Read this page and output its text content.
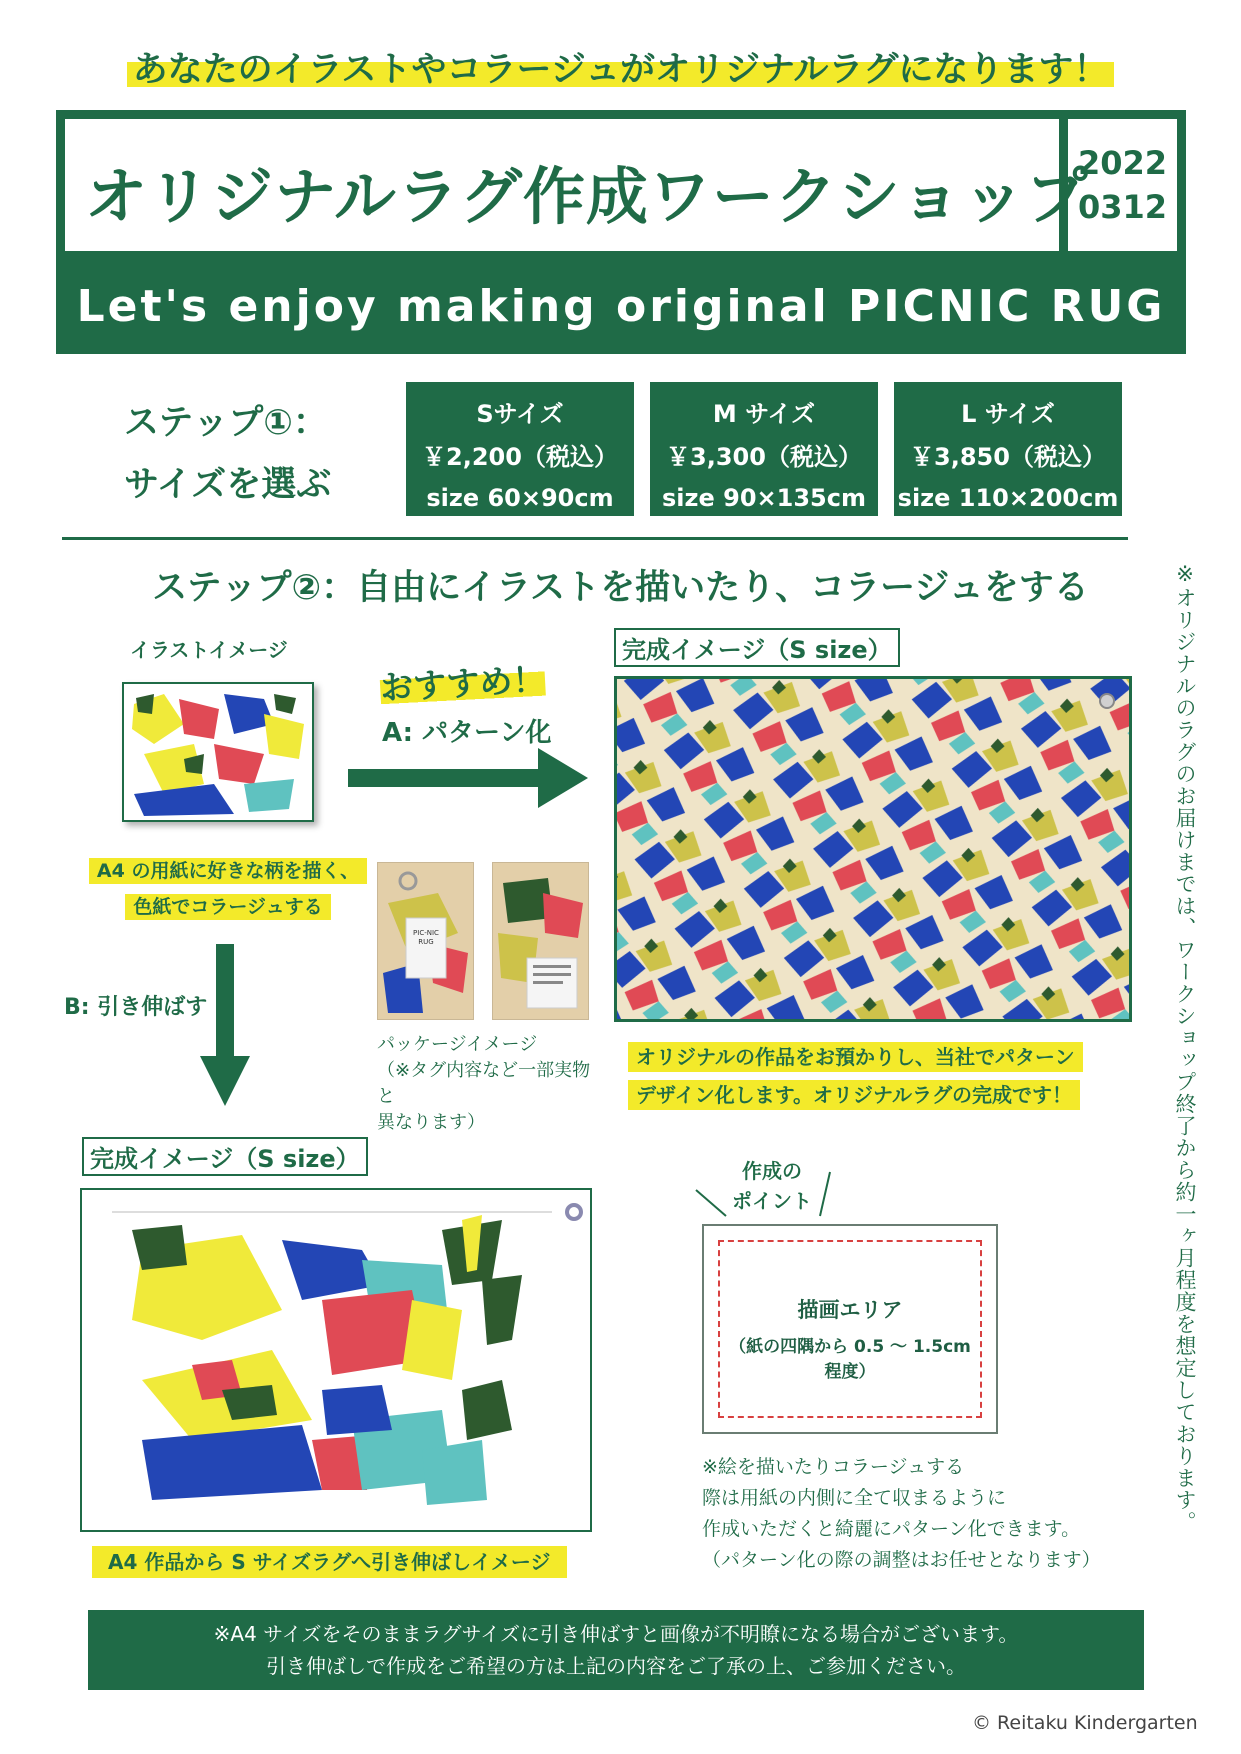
あなたのイラストやコラージュがオリジナルラグになります！
オリジナルラグ作成ワークショップ
2022
0312
Let's enjoy making original PICNIC RUG
ステップ①：
サイズを選ぶ
Sサイズ
￥2,200（税込）
size 60×90cm
M サイズ
￥3,300（税込）
size 90×135cm
L サイズ
￥3,850（税込）
size 110×200cm
ステップ②：自由にイラストを描いたり、コラージュをする	※オリジナルのラグのお届けまでは、ワークショップ終了から約一ヶ月程度を想定しております。
イラストイメージ
おすすめ！
A: パターン化
完成イメージ（S size）
A4 の用紙に好きな柄を描く、
色紙でコラージュする
PIC-NIC RUG
パッケージイメージ
（※タグ内容など一部実物と
異なります）
オリジナルの作品をお預かりし、当社でパターン
デザイン化します。オリジナルラグの完成です！
B: 引き伸ばす
完成イメージ（S size）
A4 作品から S サイズラグへ引き伸ばしイメージ
作成の
ポイント
描画エリア
（紙の四隅から 0.5 ～ 1.5cm 程度）
※絵を描いたりコラージュする
際は用紙の内側に全て収まるように
作成いただくと綺麗にパターン化できます。
（パターン化の際の調整はお任せとなります）
※A4 サイズをそのままラグサイズに引き伸ばすと画像が不明瞭になる場合がございます。
引き伸ばしで作成をご希望の方は上記の内容をご了承の上、ご参加ください。
© Reitaku Kindergarten
